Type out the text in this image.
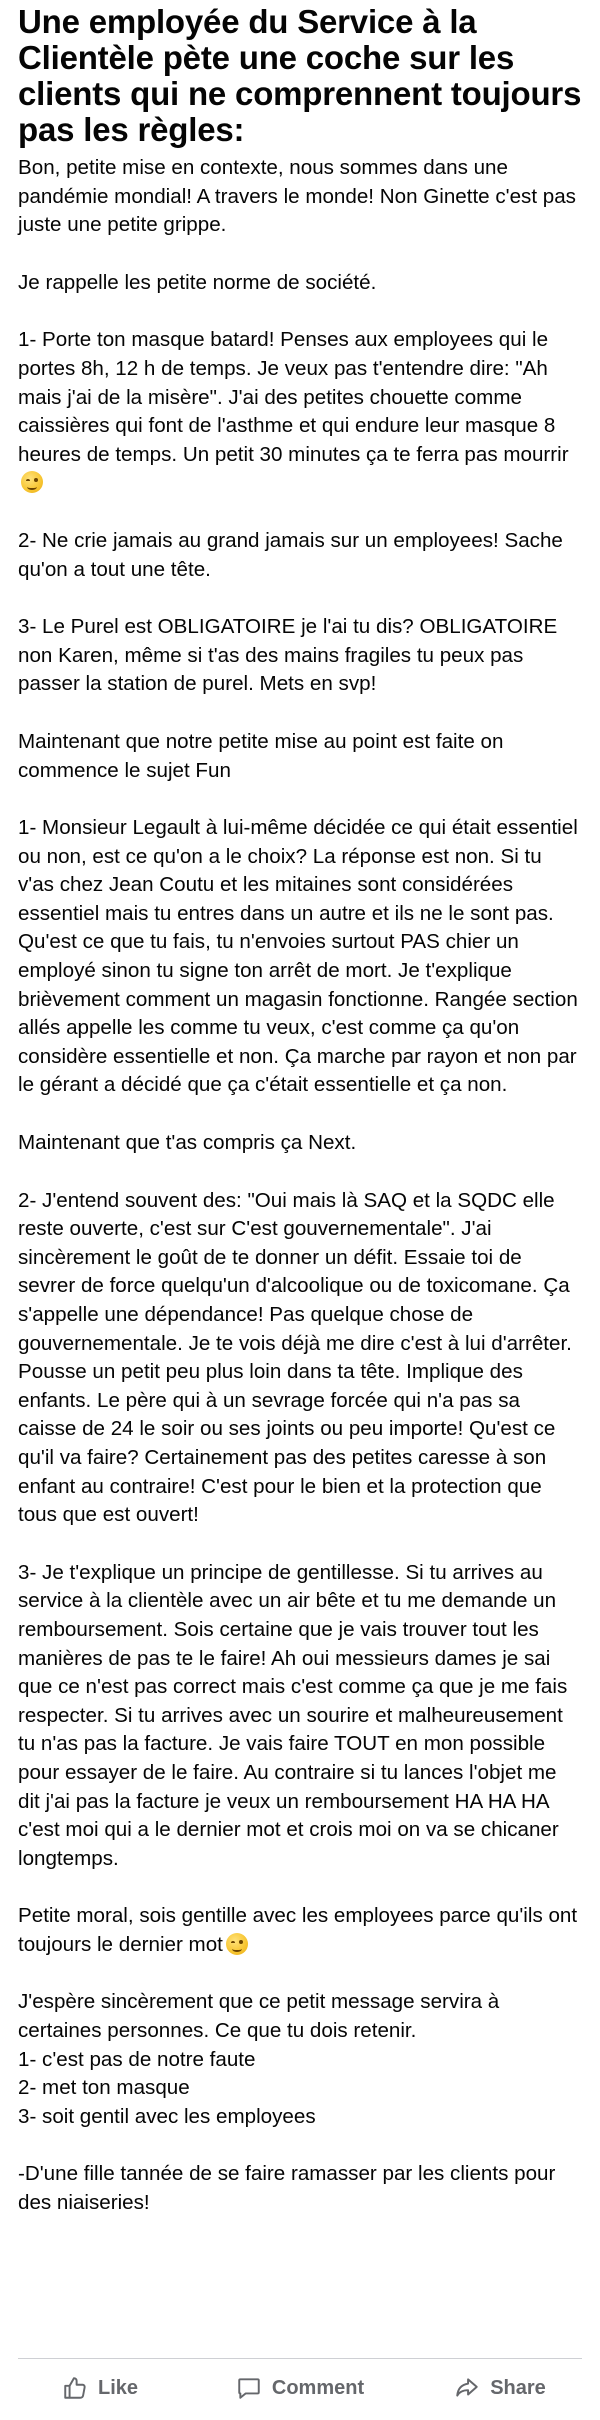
Une employée du Service à la Clientèle pète une coche sur les clients qui ne comprennent toujours pas les règles:

Bon, petite mise en contexte, nous sommes dans une pandémie mondial! A travers le monde! Non Ginette c'est pas juste une petite grippe.

Je rappelle les petite norme de société.

1- Porte ton masque batard! Penses aux employees qui le portes 8h, 12 h de temps. Je veux pas t'entendre dire: "Ah mais j'ai de la misère". J'ai des petites chouette comme caissières qui font de l'asthme et qui endure leur masque 8 heures de temps. Un petit 30 minutes ça te ferra pas mourrir

2- Ne crie jamais au grand jamais sur un employees! Sache qu'on a tout une tête.

3- Le Purel est OBLIGATOIRE je l'ai tu dis? OBLIGATOIRE non Karen, même si t'as des mains fragiles tu peux pas passer la station de purel. Mets en svp!

Maintenant que notre petite mise au point est faite on commence le sujet Fun

1- Monsieur Legault à lui-même décidée ce qui était essentiel ou non, est ce qu'on a le choix? La réponse est non. Si tu v'as chez Jean Coutu et les mitaines sont considérées essentiel mais tu entres dans un autre et ils ne le sont pas. Qu'est ce que tu fais, tu n'envoies surtout PAS chier un employé sinon tu signe ton arrêt de mort. Je t'explique brièvement comment un magasin fonctionne. Rangée section allés appelle les comme tu veux, c'est comme ça qu'on considère essentielle et non. Ça marche par rayon et non par le gérant a décidé que ça c'était essentielle et ça non.

Maintenant que t'as compris ça Next.

2- J'entend souvent des: "Oui mais là SAQ et la SQDC elle reste ouverte, c'est sur C'est gouvernementale". J'ai sincèrement le goût de te donner un défit. Essaie toi de sevrer de force quelqu'un d'alcoolique ou de toxicomane. Ça s'appelle une dépendance! Pas quelque chose de gouvernementale. Je te vois déjà me dire c'est à lui d'arrêter. Pousse un petit peu plus loin dans ta tête. Implique des enfants. Le père qui à un sevrage forcée qui n'a pas sa caisse de 24 le soir ou ses joints ou peu importe! Qu'est ce qu'il va faire? Certainement pas des petites caresse à son enfant au contraire! C'est pour le bien et la protection que tous que est ouvert!

3- Je t'explique un principe de gentillesse. Si tu arrives au service à la clientèle avec un air bête et tu me demande un remboursement. Sois certaine que je vais trouver tout les manières de pas te le faire! Ah oui messieurs dames je sai que ce n'est pas correct mais c'est comme ça que je me fais respecter. Si tu arrives avec un sourire et malheureusement tu n'as pas la facture. Je vais faire TOUT en mon possible pour essayer de le faire. Au contraire si tu lances l'objet me dit j'ai pas la facture je veux un remboursement HA HA HA c'est moi qui a le dernier mot et crois moi on va se chicaner longtemps.

Petite moral, sois gentille avec les employees parce qu'ils ont toujours le dernier mot

J'espère sincèrement que ce petit message servira à certaines personnes. Ce que tu dois retenir.
1- c'est pas de notre faute
2- met ton masque
3- soit gentil avec les employees

-D'une fille tannée de se faire ramasser par les clients pour des niaiseries!

Like	Comment	Share
